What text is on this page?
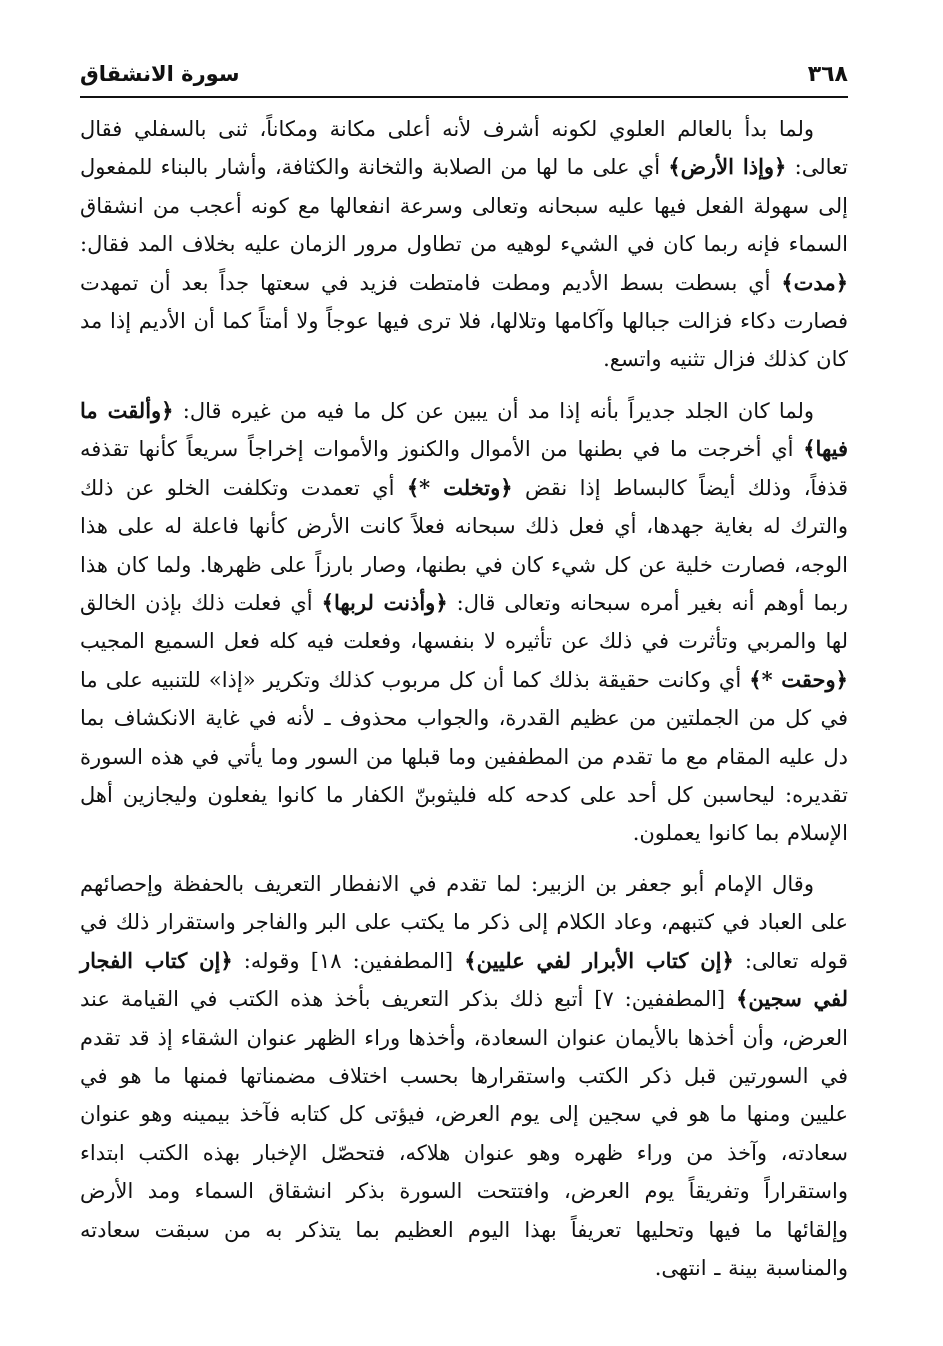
٣٦٨
سورة الانشقاق

ولما بدأ بالعالم العلوي لكونه أشرف لأنه أعلى مكانة ومكاناً، ثنى بالسفلي فقال تعالى: ﴿وإذا الأرض﴾ أي على ما لها من الصلابة والثخانة والكثافة، وأشار بالبناء للمفعول إلى سهولة الفعل فيها عليه سبحانه وتعالى وسرعة انفعالها مع كونه أعجب من انشقاق السماء فإنه ربما كان في الشيء لوهيه من تطاول مرور الزمان عليه بخلاف المد فقال: ﴿مدت﴾ أي بسطت بسط الأديم ومطت فامتطت فزيد في سعتها جداً بعد أن تمهدت فصارت دكاء فزالت جبالها وآكامها وتلالها، فلا ترى فيها عوجاً ولا أمتاً كما أن الأديم إذا مد كان كذلك فزال تثنيه واتسع.

ولما كان الجلد جديراً بأنه إذا مد أن يبين عن كل ما فيه من غيره قال: ﴿وألقت ما فيها﴾ أي أخرجت ما في بطنها من الأموال والكنوز والأموات إخراجاً سريعاً كأنها تقذفه قذفاً، وذلك أيضاً كالبساط إذا نقض ﴿وتخلت *﴾ أي تعمدت وتكلفت الخلو عن ذلك والترك له بغاية جهدها، أي فعل ذلك سبحانه فعلاً كانت الأرض كأنها فاعلة له على هذا الوجه، فصارت خلية عن كل شيء كان في بطنها، وصار بارزاً على ظهرها. ولما كان هذا ربما أوهم أنه بغير أمره سبحانه وتعالى قال: ﴿وأذنت لربها﴾ أي فعلت ذلك بإذن الخالق لها والمربي وتأثرت في ذلك عن تأثيره لا بنفسها، وفعلت فيه كله فعل السميع المجيب ﴿وحقت *﴾ أي وكانت حقيقة بذلك كما أن كل مربوب كذلك وتكرير «إذا» للتنبيه على ما في كل من الجملتين من عظيم القدرة، والجواب محذوف ـ لأنه في غاية الانكشاف بما دل عليه المقام مع ما تقدم من المطففين وما قبلها من السور وما يأتي في هذه السورة تقديره: ليحاسبن كل أحد على كدحه كله فليثوبنّ الكفار ما كانوا يفعلون وليجازين أهل الإسلام بما كانوا يعملون.

وقال الإمام أبو جعفر بن الزبير: لما تقدم في الانفطار التعريف بالحفظة وإحصائهم على العباد في كتبهم، وعاد الكلام إلى ذكر ما يكتب على البر والفاجر واستقرار ذلك في قوله تعالى: ﴿إن كتاب الأبرار لفي عليين﴾ [المطففين: ١٨] وقوله: ﴿إن كتاب الفجار لفي سجين﴾ [المطففين: ٧] أتبع ذلك بذكر التعريف بأخذ هذه الكتب في القيامة عند العرض، وأن أخذها بالأيمان عنوان السعادة، وأخذها وراء الظهر عنوان الشقاء إذ قد تقدم في السورتين قبل ذكر الكتب واستقرارها بحسب اختلاف مضمناتها فمنها ما هو في عليين ومنها ما هو في سجين إلى يوم العرض، فيؤتى كل كتابه فآخذ بيمينه وهو عنوان سعادته، وآخذ من وراء ظهره وهو عنوان هلاكه، فتحصّل الإخبار بهذه الكتب ابتداء واستقراراً وتفريقاً يوم العرض، وافتتحت السورة بذكر انشقاق السماء ومد الأرض وإلقائها ما فيها وتحليها تعريفاً بهذا اليوم العظيم بما يتذكر به من سبقت سعادته والمناسبة بينة ـ انتهى.
